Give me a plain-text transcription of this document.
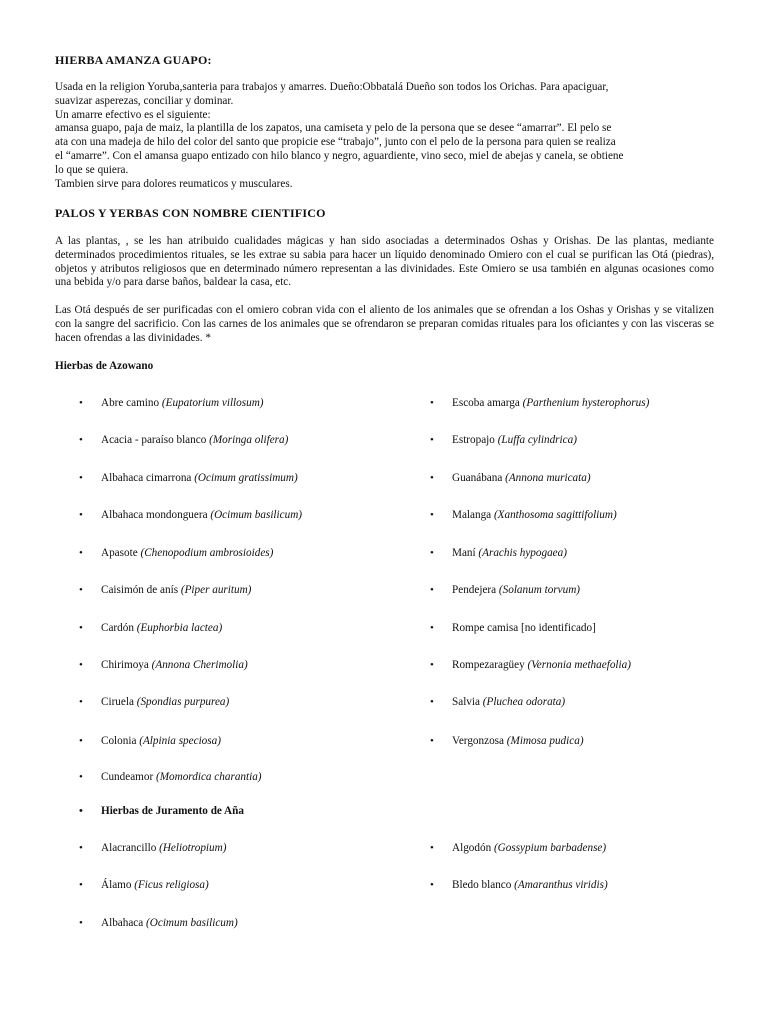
HIERBA AMANZA GUAPO:

Usada en la religion Yoruba,santeria para trabajos y amarres. Dueño:Obbatalá Dueño son todos los Orichas. Para apaciguar,

suavizar asperezas, conciliar y dominar.

Un amarre efectivo es el siguiente:

amansa guapo, paja de maiz, la plantilla de los zapatos, una camiseta y pelo de la persona que se desee “amarrar”. El pelo se

ata con una madeja de hilo del color del santo que propicie ese “trabajo”, junto con el pelo de la persona para quien se realiza

el “amarre”. Con el amansa guapo entizado con hilo blanco y negro, aguardiente, vino seco, miel de abejas y canela, se obtiene

lo que se quiera.

Tambien sirve para dolores reumaticos y musculares.

PALOS Y YERBAS CON NOMBRE CIENTIFICO
A las plantas, , se les han atribuido cualidades mágicas y han sido asociadas a determinados Oshas y Orishas. De las plantas, mediante determinados procedimientos rituales, se les extrae su sabia para hacer un líquido denominado Omiero con el cual se purifican las Otá (piedras), objetos y atributos religiosos que en determinado número representan a las divinidades. Este Omiero se usa también en algunas ocasiones como una bebida y/o para darse baños, baldear la casa, etc.
Las Otá después de ser purificadas con el omiero cobran vida con el aliento de los animales que se ofrendan a los Oshas y Orishas y se vitalizen con la sangre del sacrificio. Con las carnes de los animales que se ofrendaron se preparan comidas rituales para los oficiantes y con las visceras se hacen ofrendas a las divinidades. *
Hierbas de Azowano
• Abre camino (Eupatorium villosum)
• Acacia - paraíso blanco (Moringa olifera)
• Albahaca cimarrona (Ocimum gratissimum)
• Albahaca mondonguera (Ocimum basilicum)
• Apasote (Chenopodium ambrosioides)
• Caisimón de anís (Piper auritum)
• Cardón (Euphorbia lactea)
• Chirimoya (Annona Cherimolia)
• Ciruela (Spondias purpurea)
• Colonia (Alpinia speciosa)
• Cundeamor (Momordica charantia)
• Escoba amarga (Parthenium hysterophorus)
• Estropajo (Luffa cylindrica)
• Guanábana (Annona muricata)
• Malanga (Xanthosoma sagittifolium)
• Maní (Arachis hypogaea)
• Pendejera (Solanum torvum)
• Rompe camisa [no identificado]
• Rompezaragüey (Vernonia methaefolia)
• Salvia (Pluchea odorata)
• Vergonzosa (Mimosa pudica)
• Hierbas de Juramento de Aña
• Alacrancillo (Heliotropium)
• Álamo (Ficus religiosa)
• Albahaca (Ocimum basilicum)
• Algodón (Gossypium barbadense)
• Bledo blanco (Amaranthus viridis)
